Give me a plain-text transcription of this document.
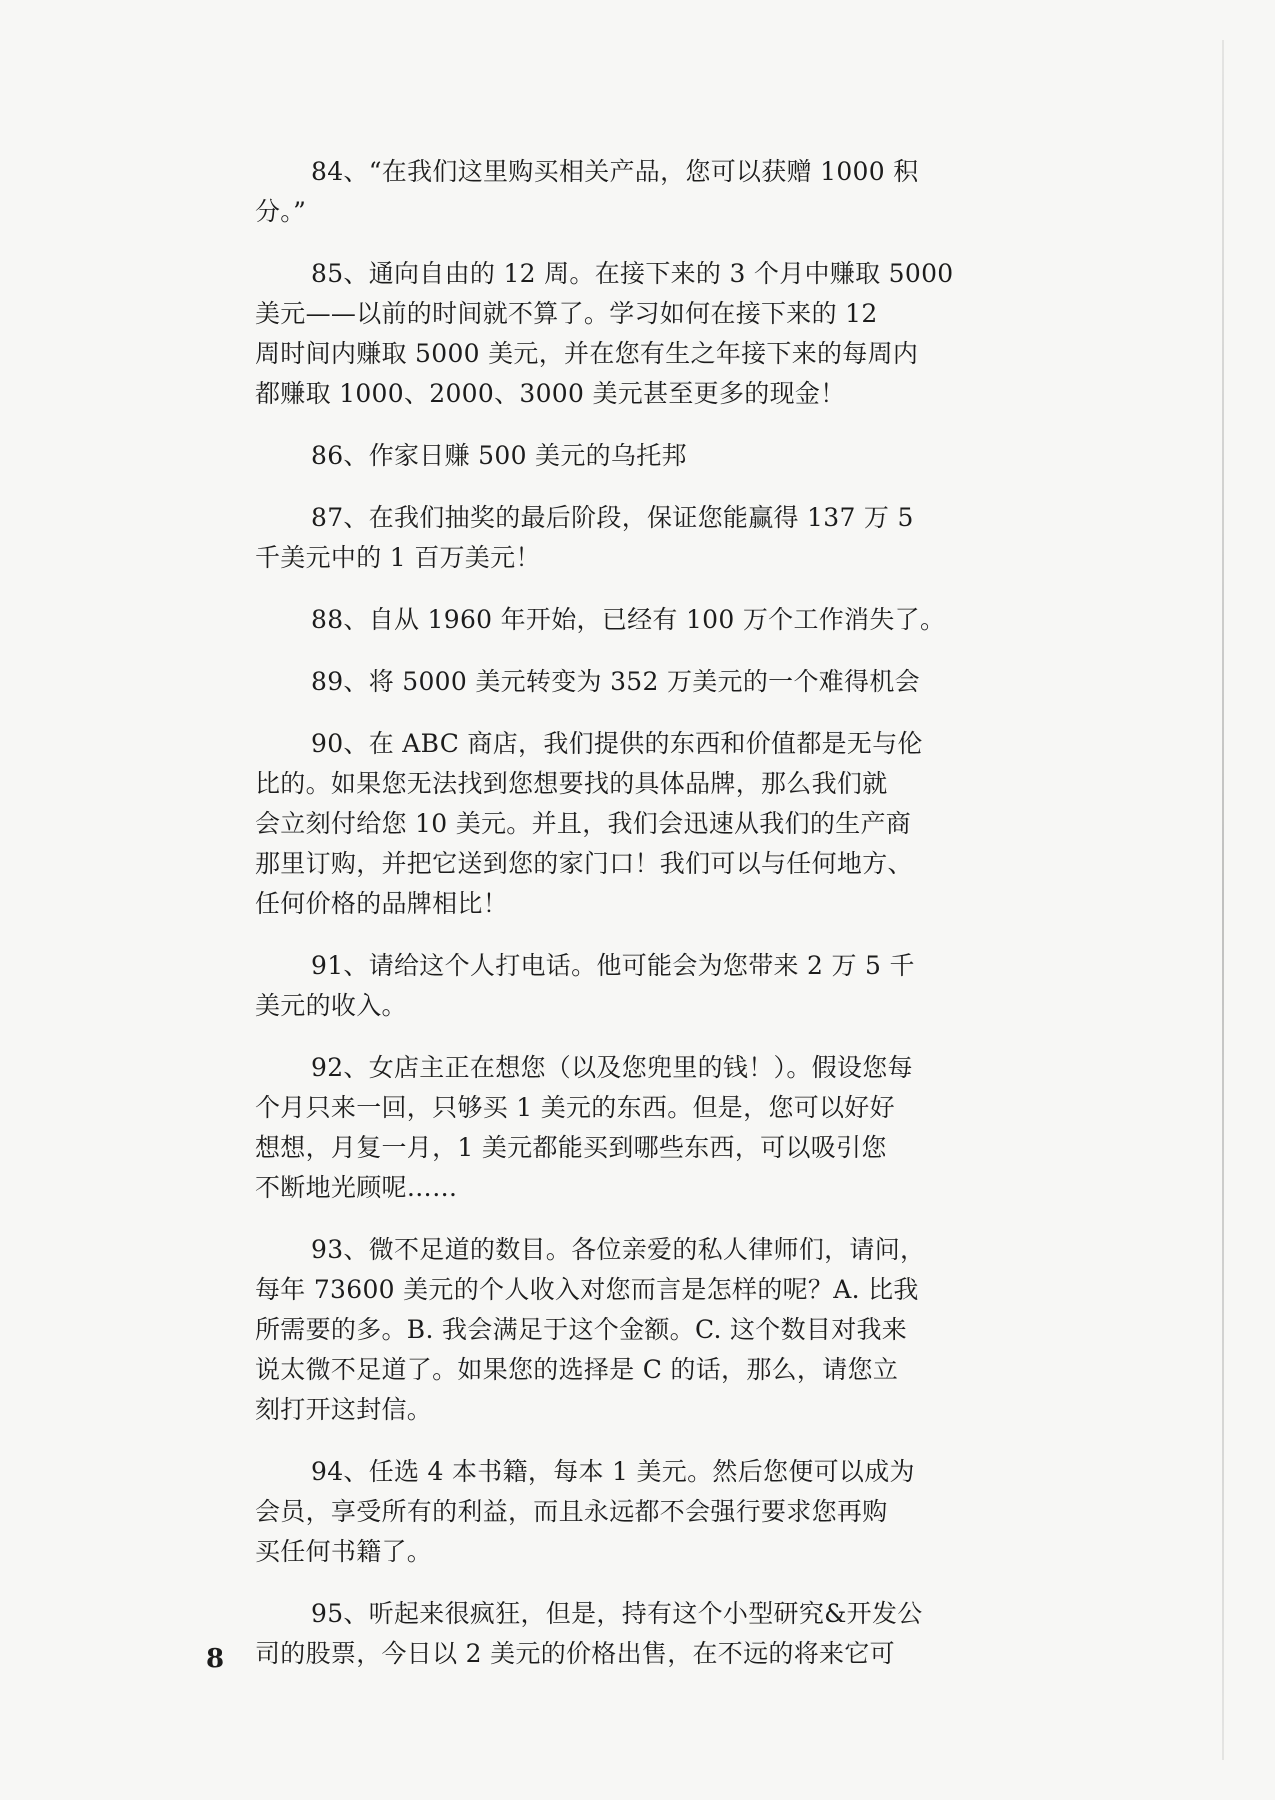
84、“在我们这里购买相关产品，您可以获赠 1000 积
分。”
85、通向自由的 12 周。在接下来的 3 个月中赚取 5000
美元——以前的时间就不算了。学习如何在接下来的 12
周时间内赚取 5000 美元，并在您有生之年接下来的每周内
都赚取 1000、2000、3000 美元甚至更多的现金！
86、作家日赚 500 美元的乌托邦
87、在我们抽奖的最后阶段，保证您能赢得 137 万 5
千美元中的 1 百万美元！
88、自从 1960 年开始，已经有 100 万个工作消失了。
89、将 5000 美元转变为 352 万美元的一个难得机会
90、在 ABC 商店，我们提供的东西和价值都是无与伦
比的。如果您无法找到您想要找的具体品牌，那么我们就
会立刻付给您 10 美元。并且，我们会迅速从我们的生产商
那里订购，并把它送到您的家门口！我们可以与任何地方、
任何价格的品牌相比！
91、请给这个人打电话。他可能会为您带来 2 万 5 千
美元的收入。
92、女店主正在想您（以及您兜里的钱！）。假设您每
个月只来一回，只够买 1 美元的东西。但是，您可以好好
想想，月复一月，1 美元都能买到哪些东西，可以吸引您
不断地光顾呢……
93、微不足道的数目。各位亲爱的私人律师们，请问，
每年 73600 美元的个人收入对您而言是怎样的呢？A. 比我
所需要的多。B. 我会满足于这个金额。C. 这个数目对我来
说太微不足道了。如果您的选择是 C 的话，那么，请您立
刻打开这封信。
94、任选 4 本书籍，每本 1 美元。然后您便可以成为
会员，享受所有的利益，而且永远都不会强行要求您再购
买任何书籍了。
95、听起来很疯狂，但是，持有这个小型研究&开发公
司的股票，今日以 2 美元的价格出售，在不远的将来它可
8
